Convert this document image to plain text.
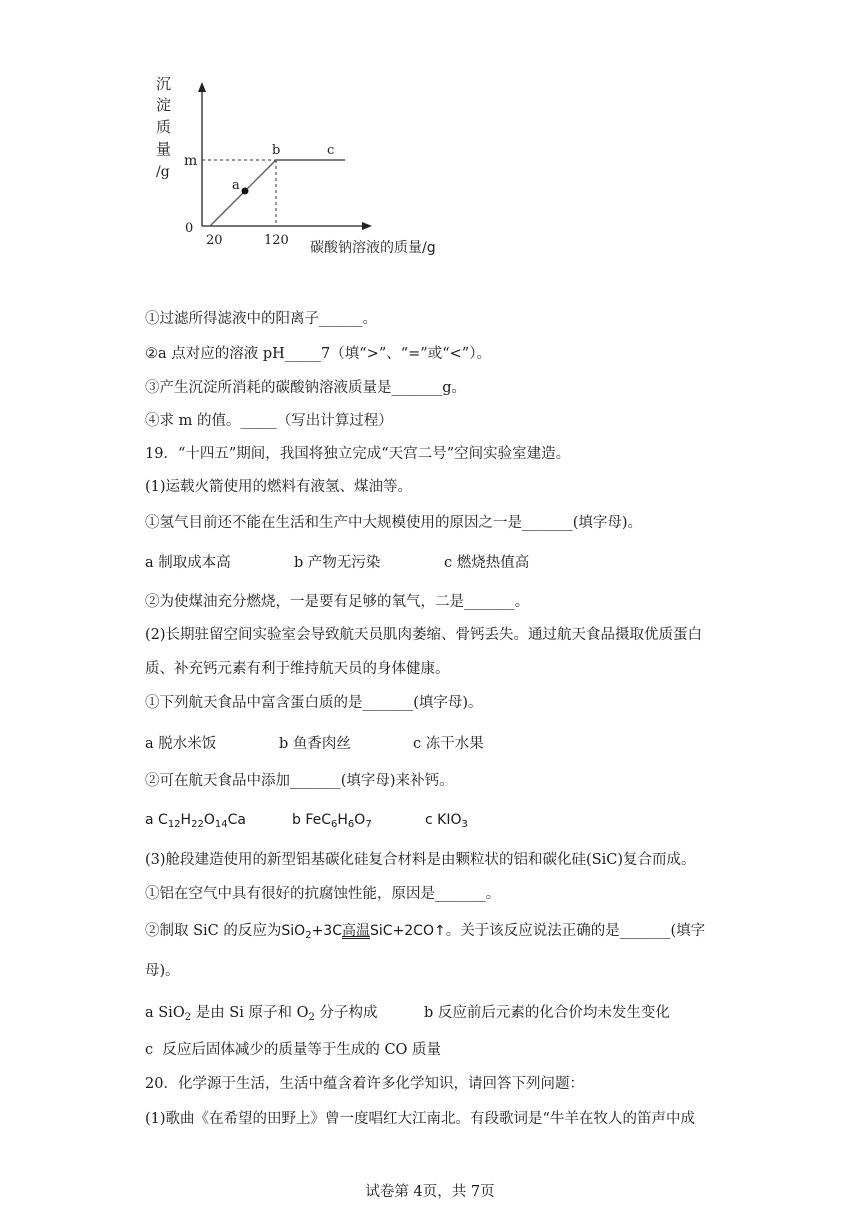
沉
淀
质
量
/g
0
20	120
m
a
b	c
碳酸钠溶液的质量/g
①过滤所得滤液中的阳离子______。
②a 点对应的溶液 pH_____7（填“>”、“=”或“<”）。
③产生沉淀所消耗的碳酸钠溶液质量是_______g。
④求 m 的值。_____（写出计算过程）
19．“十四五”期间，我国将独立完成“天宫二号”空间实验室建造。
(1)运载火箭使用的燃料有液氢、煤油等。
①氢气目前还不能在生活和生产中大规模使用的原因之一是_______(填字母)。
a 制取成本高	b 产物无污染	c 燃烧热值高
②为使煤油充分燃烧，一是要有足够的氧气，二是_______。
(2)长期驻留空间实验室会导致航天员肌肉萎缩、骨钙丢失。通过航天食品摄取优质蛋白
质、补充钙元素有利于维持航天员的身体健康。
①下列航天食品中富含蛋白质的是_______(填字母)。
a 脱水米饭	b 鱼香肉丝	c 冻干水果
②可在航天食品中添加_______(填字母)来补钙。
a $C_{12}H_{22}O_{14}Ca$	b $FeC_6H_6O_7$	c $KIO_3$
(3)舱段建造使用的新型铝基碳化硅复合材料是由颗粒状的铝和碳化硅(SiC)复合而成。
①铝在空气中具有很好的抗腐蚀性能，原因是_______。
②制取 SiC 的反应为SiO$_2$+3C高温SiC+2CO↑。关于该反应说法正确的是_______(填字
母)。
a SiO$_2$ 是由 Si 原子和 $O_2$ 分子构成	b 反应前后元素的化合价均未发生变化
c  反应后固体减少的质量等于生成的 CO 质量
20．化学源于生活，生活中蕴含着许多化学知识，请回答下列问题：
(1)歌曲《在希望的田野上》曾一度唱红大江南北。有段歌词是“牛羊在牧人的笛声中成
试卷第 4页，共 7页
